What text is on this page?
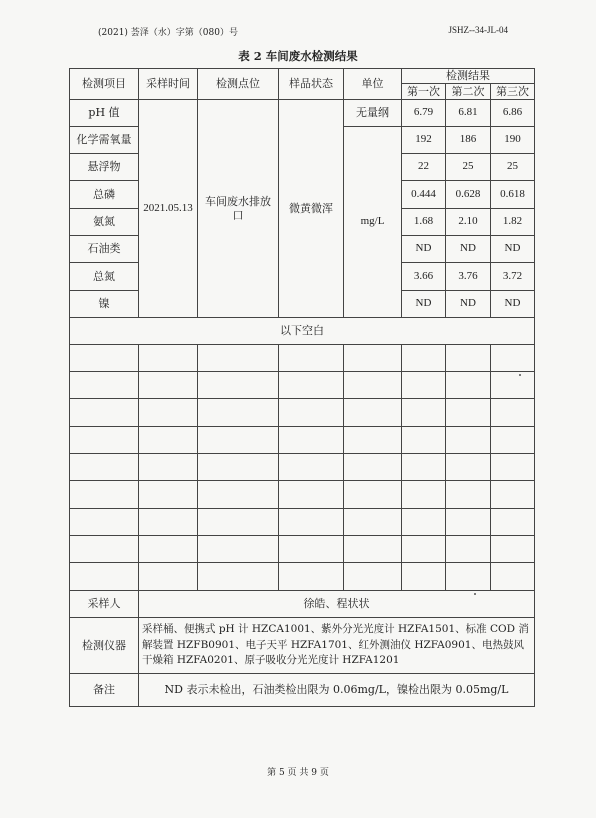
(2021) 荟泽（水）字第（080）号	JSHZ--34-JL-04
表 2 车间废水检测结果
检测项目	采样时间	检测点位	样品状态	单位	检测结果		
					第一次	第二次	第三次
pH 值	2021.05.13	车间废水排放口	微黄微浑	无量纲	6.79	6.81	6.86
化学需氧量				mg/L	192	186	190
悬浮物					22	25	25
总磷					0.444	0.628	0.618
氨氮					1.68	2.10	1.82
石油类					ND	ND	ND
总氮					3.66	3.76	3.72
镍					ND	ND	ND
以下空白							

采样人	徐皓、程状状						
检测仪器	采样桶、便携式 pH 计 HZCA1001、紫外分光光度计 HZFA1501、标准 COD 消解装置 HZFB0901、电子天平 HZFA1701、红外测油仪 HZFA0901、电热鼓风干燥箱 HZFA0201、原子吸收分光光度计 HZFA1201						
备注	ND 表示未检出，石油类检出限为 0.06mg/L，镍检出限为 0.05mg/L						
第 5 页 共 9 页
